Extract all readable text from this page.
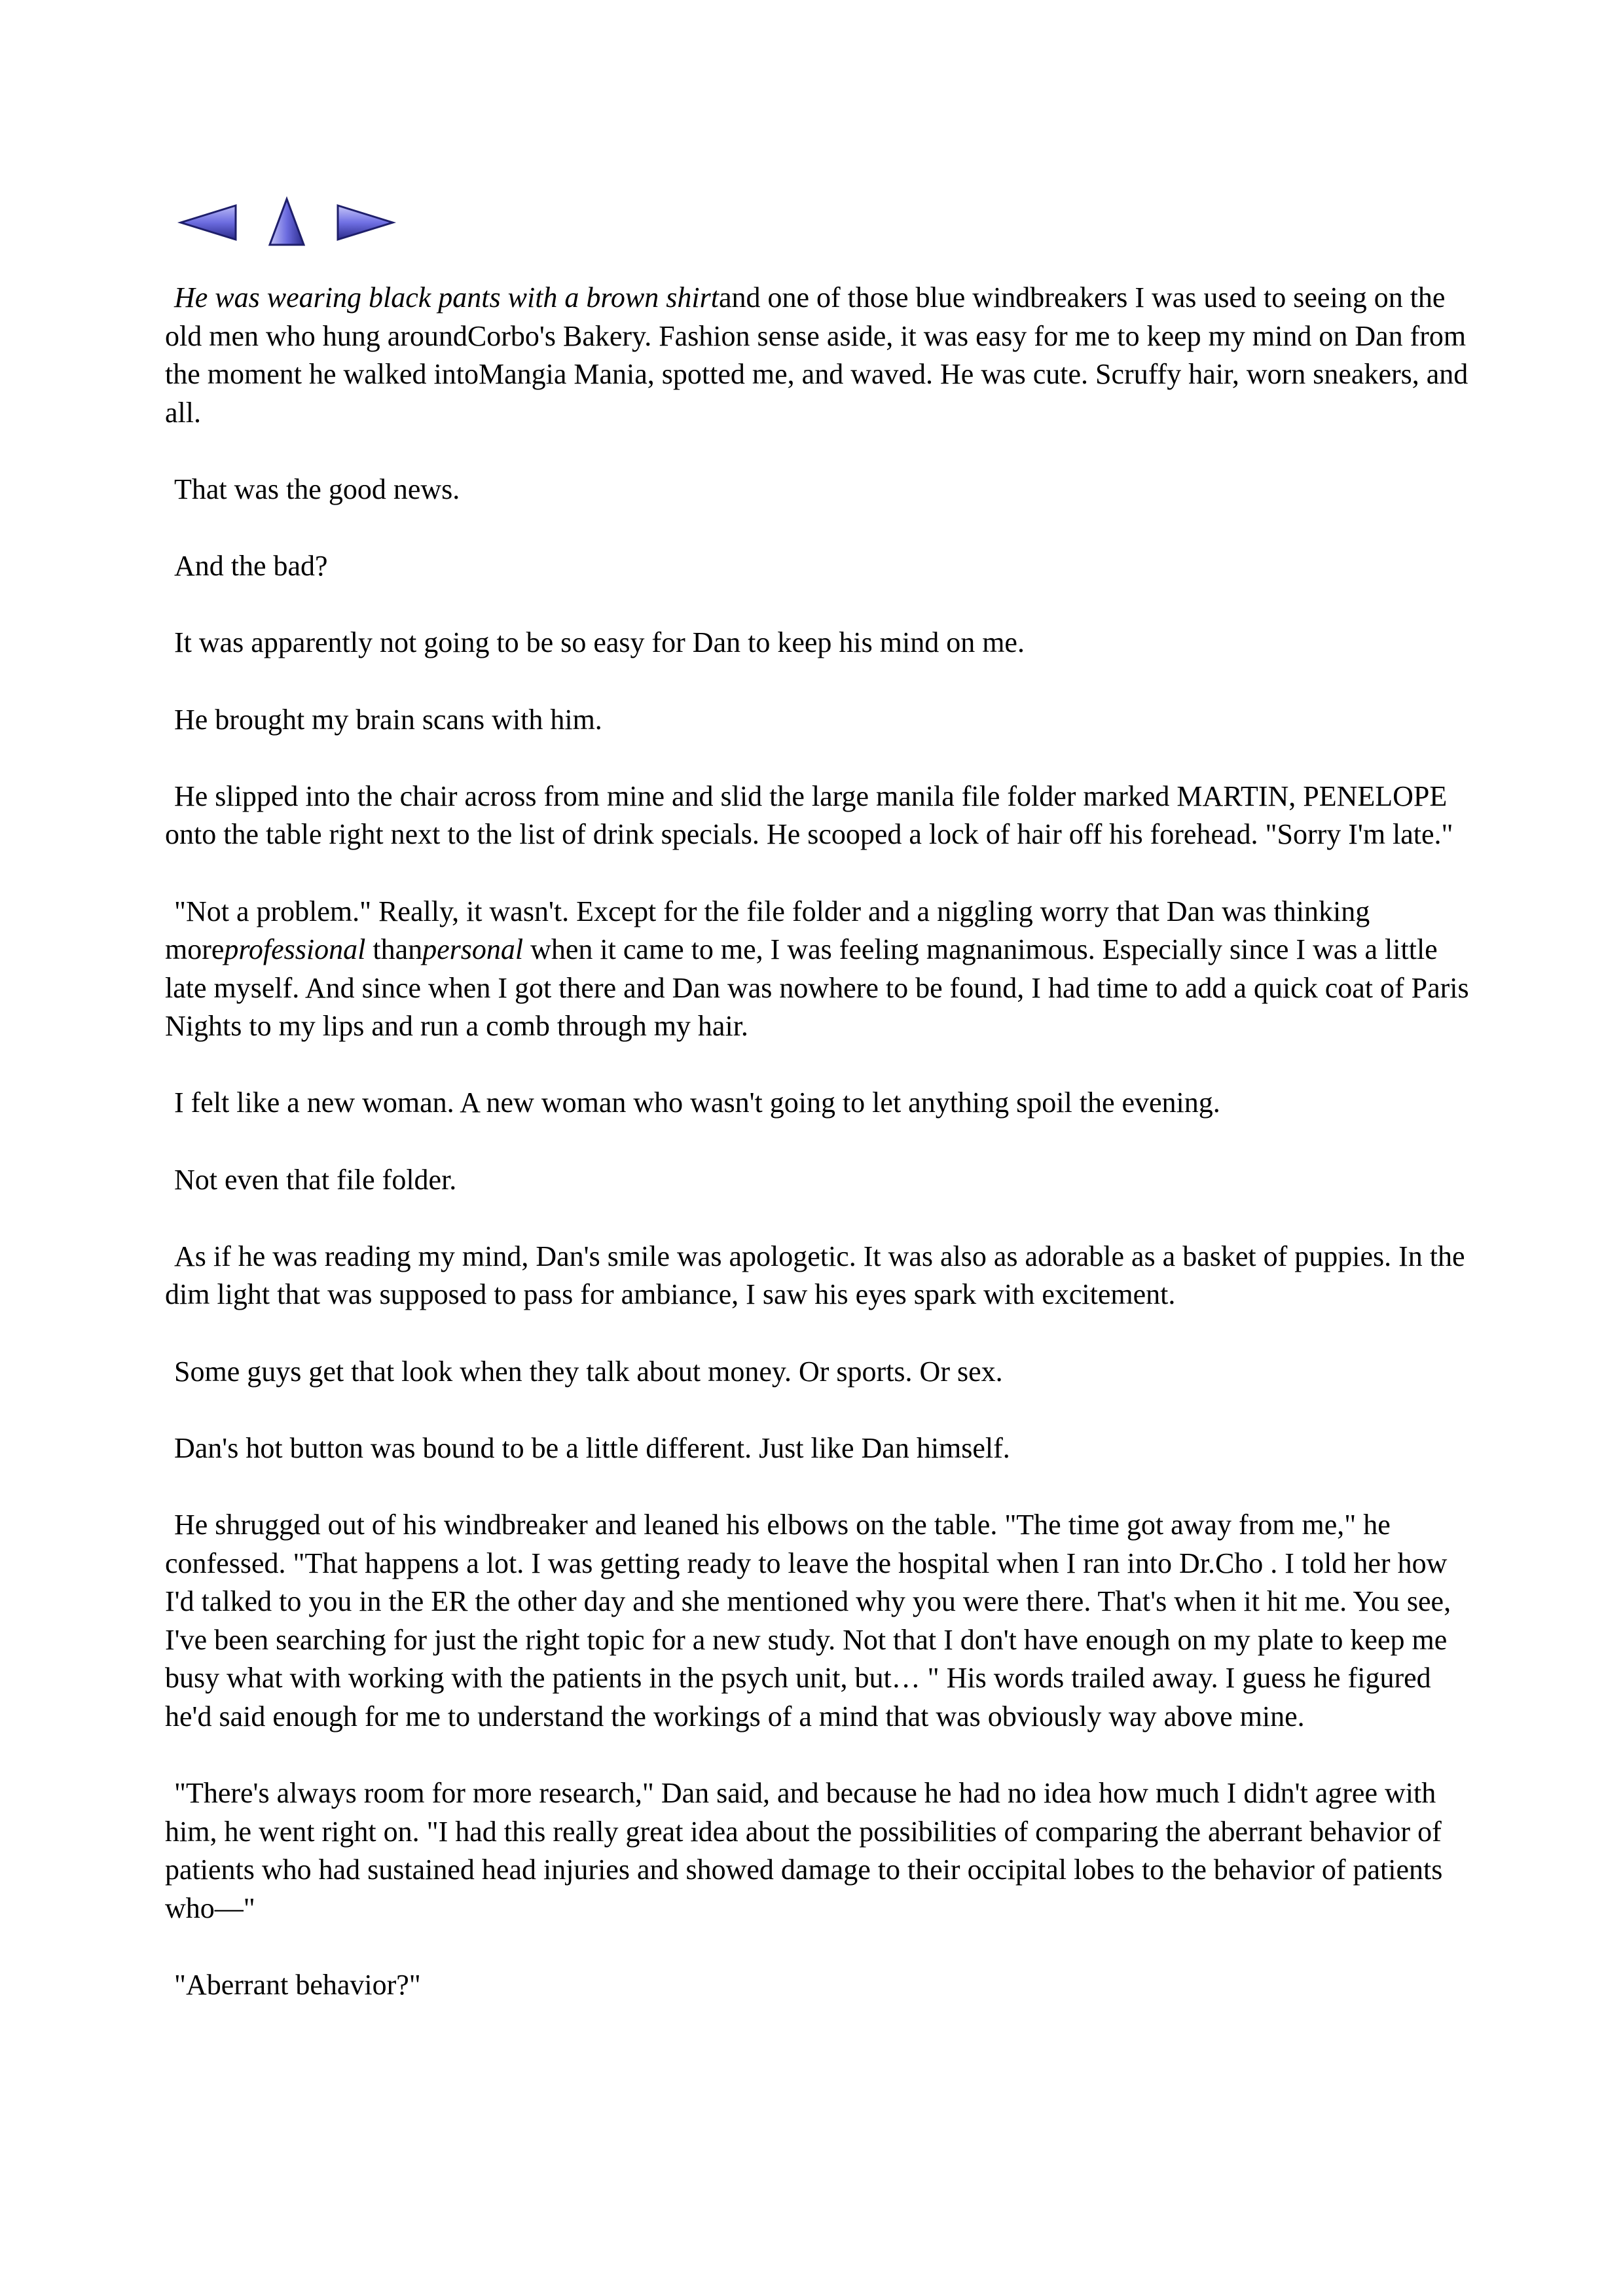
He was wearing black pants with a brown shirtand one of those blue windbreakers I was used to seeing on the old men who hung aroundCorbo's Bakery. Fashion sense aside, it was easy for me to keep my mind on Dan from the moment he walked intoMangia Mania, spotted me, and waved. He was cute. Scruffy hair, worn sneakers, and all.

That was the good news.

And the bad?

It was apparently not going to be so easy for Dan to keep his mind on me.

He brought my brain scans with him.

He slipped into the chair across from mine and slid the large manila file folder marked MARTIN, PENELOPE onto the table right next to the list of drink specials. He scooped a lock of hair off his forehead. "Sorry I'm late."

"Not a problem." Really, it wasn't. Except for the file folder and a niggling worry that Dan was thinking moreprofessional thanpersonal when it came to me, I was feeling magnanimous. Especially since I was a little late myself. And since when I got there and Dan was nowhere to be found, I had time to add a quick coat of Paris Nights to my lips and run a comb through my hair.

I felt like a new woman. A new woman who wasn't going to let anything spoil the evening.

Not even that file folder.

As if he was reading my mind, Dan's smile was apologetic. It was also as adorable as a basket of puppies. In the dim light that was supposed to pass for ambiance, I saw his eyes spark with excitement.

Some guys get that look when they talk about money. Or sports. Or sex.

Dan's hot button was bound to be a little different. Just like Dan himself.

He shrugged out of his windbreaker and leaned his elbows on the table. "The time got away from me," he confessed. "That happens a lot. I was getting ready to leave the hospital when I ran into Dr.Cho . I told her how I'd talked to you in the ER the other day and she mentioned why you were there. That's when it hit me. You see, I've been searching for just the right topic for a new study. Not that I don't have enough on my plate to keep me busy what with working with the patients in the psych unit, but… " His words trailed away. I guess he figured he'd said enough for me to understand the workings of a mind that was obviously way above mine.

"There's always room for more research," Dan said, and because he had no idea how much I didn't agree with him, he went right on. "I had this really great idea about the possibilities of comparing the aberrant behavior of patients who had sustained head injuries and showed damage to their occipital lobes to the behavior of patients who—"

"Aberrant behavior?"
